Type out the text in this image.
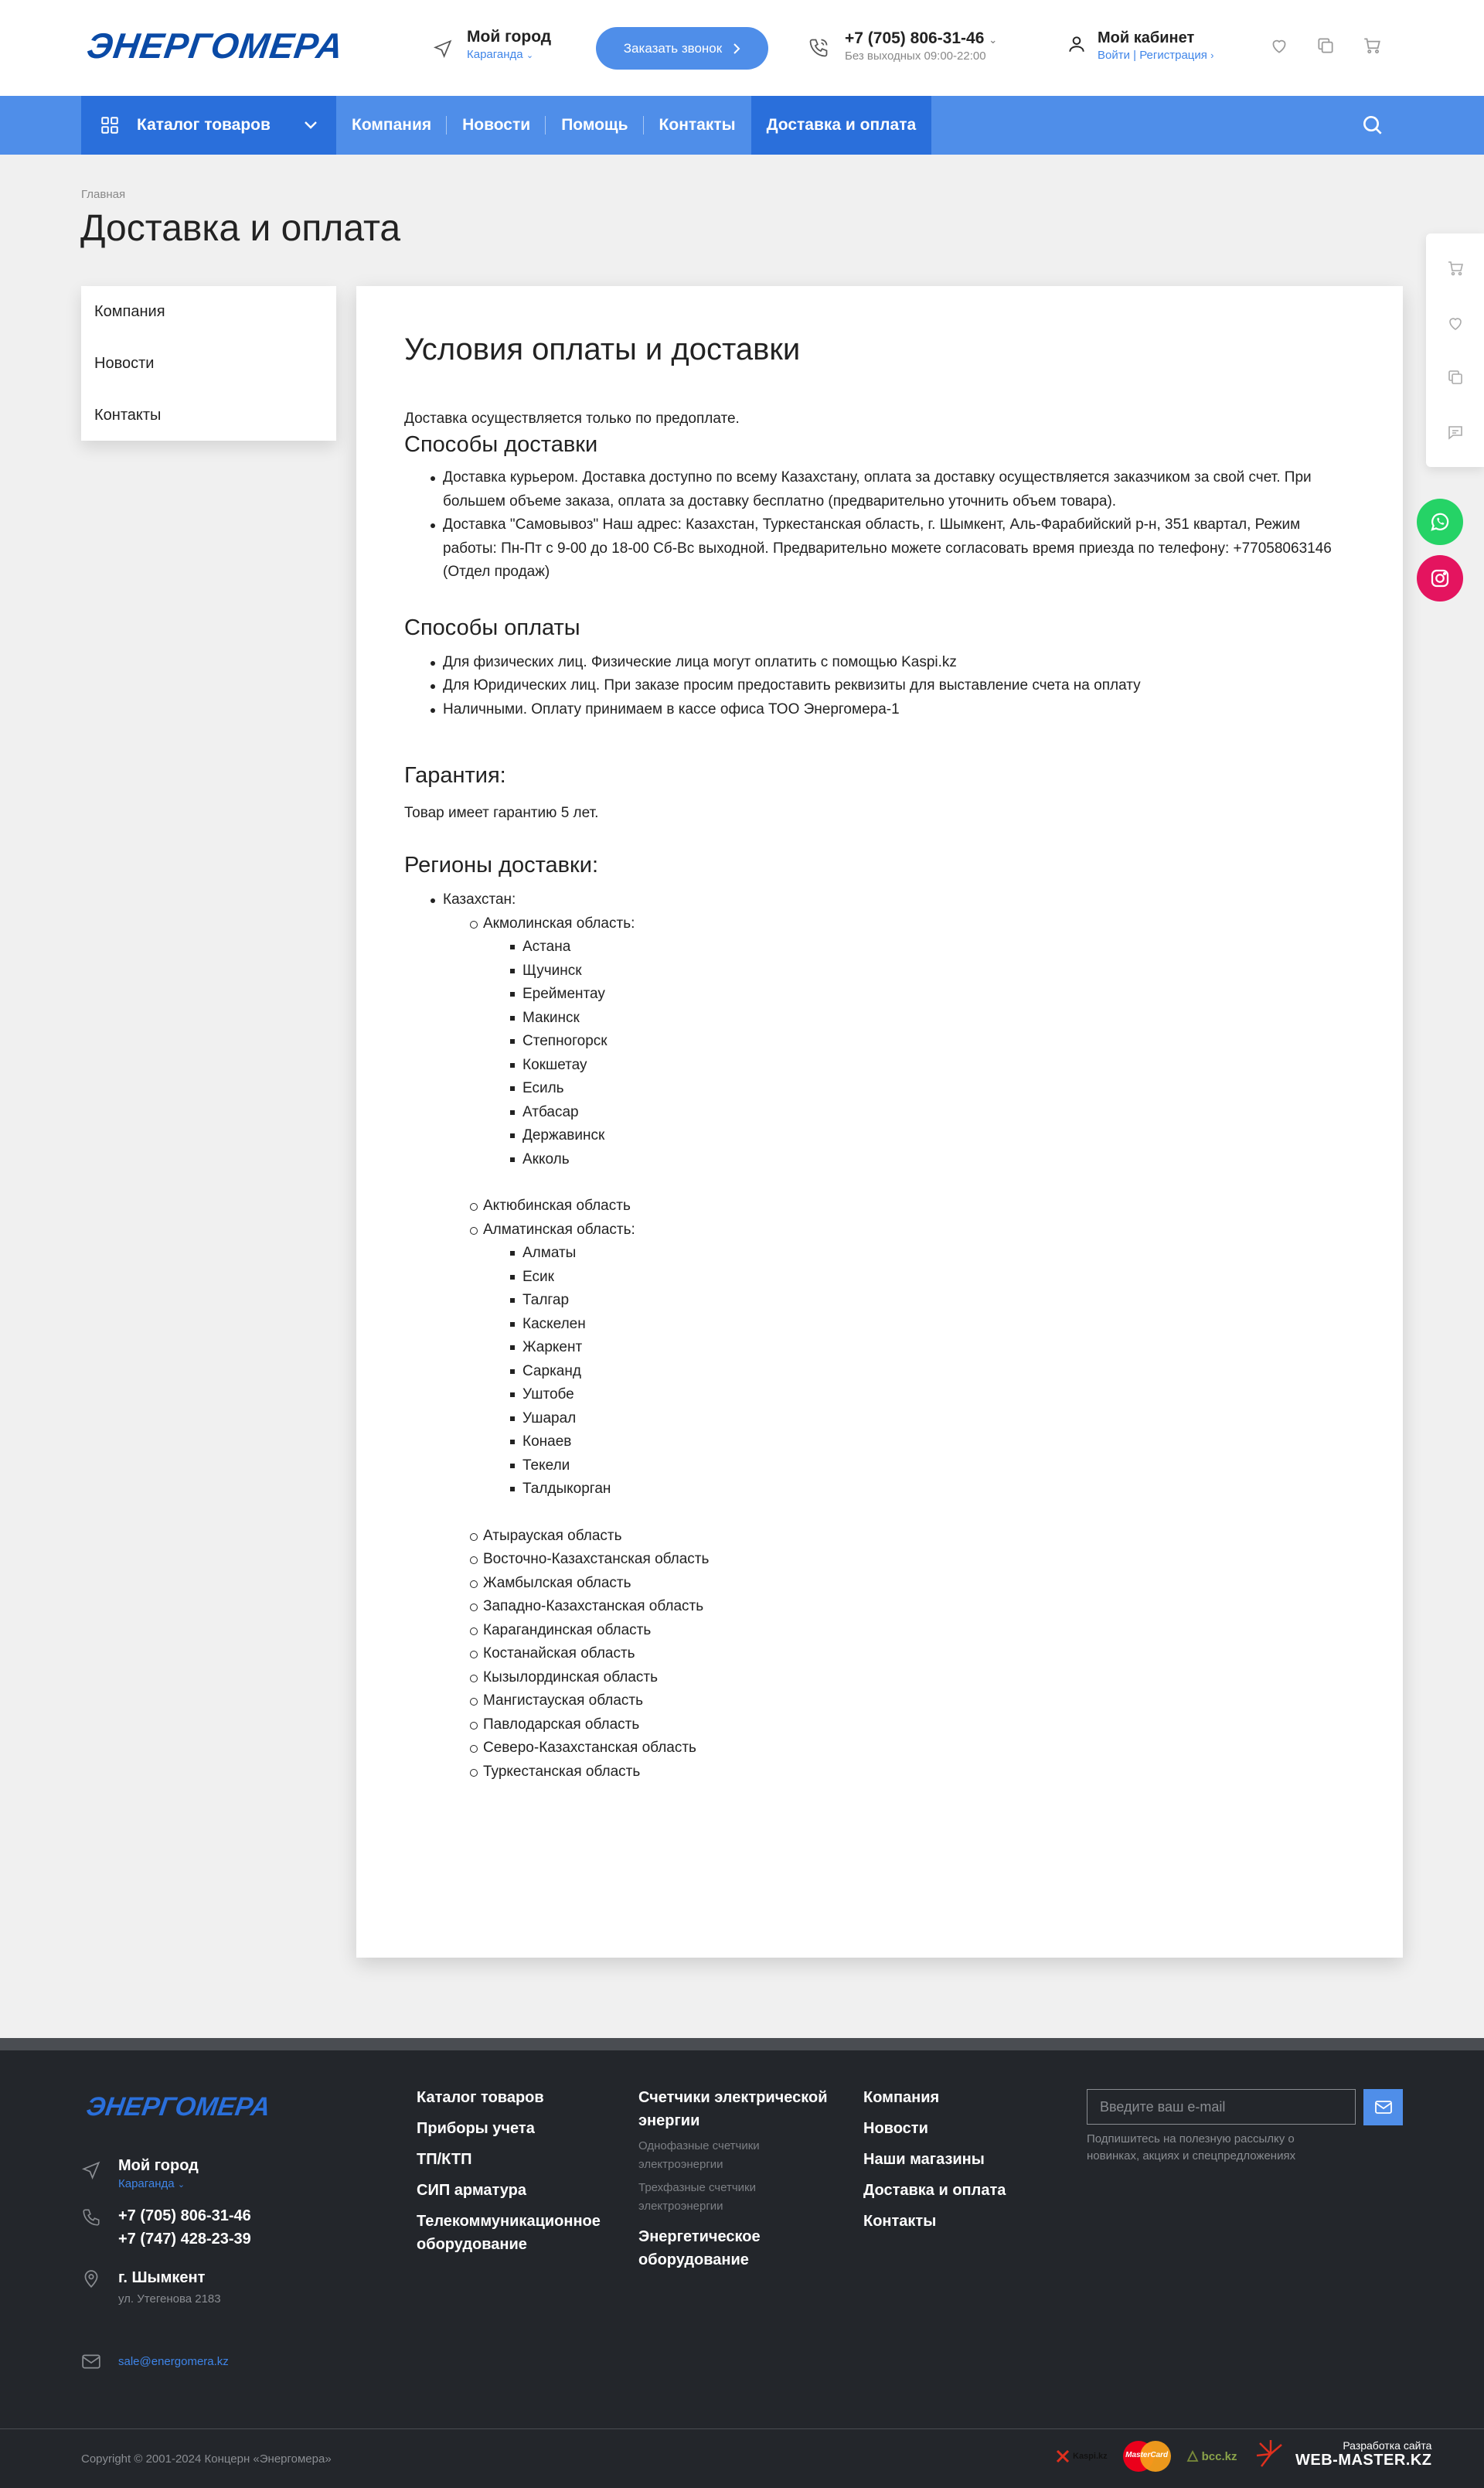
ЭНЕРГОМЕРА	Мой город
Караганда ⌄
Заказать звонок
+7 (705) 806-31-46 ⌄
Без выходных 09:00-22:00
Мой кабинет
Войти | Регистрация ›
Каталог товаров	Компания	Новости	Помощь	Контакты	Доставка и оплата
Главная
Доставка и оплата
Компания
Новости
Контакты
Условия оплаты и доставки

Доставка осуществляется только по предоплате.

Способы доставки
Доставка курьером. Доставка доступно по всему Казахстану, оплата за доставку осуществляется заказчиком за свой счет. При большем объеме заказа, оплата за доставку бесплатно (предварительно уточнить объем товара).
Доставка "Самовывоз" Наш адрес: Казахстан, Туркестанская область, г. Шымкент, Аль-Фарабийский р-н, 351 квартал, Режим работы: Пн-Пт с 9-00 до 18-00 Сб-Вс выходной. Предварительно можете согласовать время приезда по телефону: +77058063146 (Отдел продаж)
Способы оплаты
Для физических лиц. Физические лица могут оплатить с помощью Kaspi.kz
Для Юридических лиц. При заказе просим предоставить реквизиты для выставление счета на оплату
Наличными. Оплату принимаем в кассе офиса ТОО Энергомера-1
Гарантия:

Товар имеет гарантию 5 лет.

Регионы доставки:
Казахстан:
Акмолинская область:
Астана
Щучинск
Ерейментау
Макинск
Степногорск
Кокшетау
Есиль
Атбасар
Державинск
Акколь
Актюбинская область
Алматинская область:
Алматы
Есик
Талгар
Каскелен
Жаркент
Сарканд
Уштобе
Ушарал
Конаев
Текели
Талдыкорган
Атырауская область
Восточно-Казахстанская область
Жамбылская область
Западно-Казахстанская область
Карагандинская область
Костанайская область
Кызылординская область
Мангистауская область
Павлодарская область
Северо-Казахстанская область
Туркестанская область
ЭНЕРГОМЕРА
Мой город
Караганда ⌄
+7 (705) 806-31-46
+7 (747) 428-23-39
г. Шымкент
ул. Утегенова 2183
sale@energomera.kz
Каталог товаров
Приборы учета
ТП/КТП
СИП арматура
Телекоммуникационное оборудование
Счетчики электрической энергии
Однофазные счетчики электроэнергии
Трехфазные счетчики электроэнергии
Энергетическое оборудование
Компания
Новости
Наши магазины
Доставка и оплата
Контакты
Введите ваш e-mail
Подпишитесь на полезную рассылку о новинках, акциях и спецпредложениях
Copyright © 2001-2024 Концерн «Энергомера»	Kaspi.kz	MasterCard	bcc.kz
Разработка сайта
WEB-MASTER.KZ
